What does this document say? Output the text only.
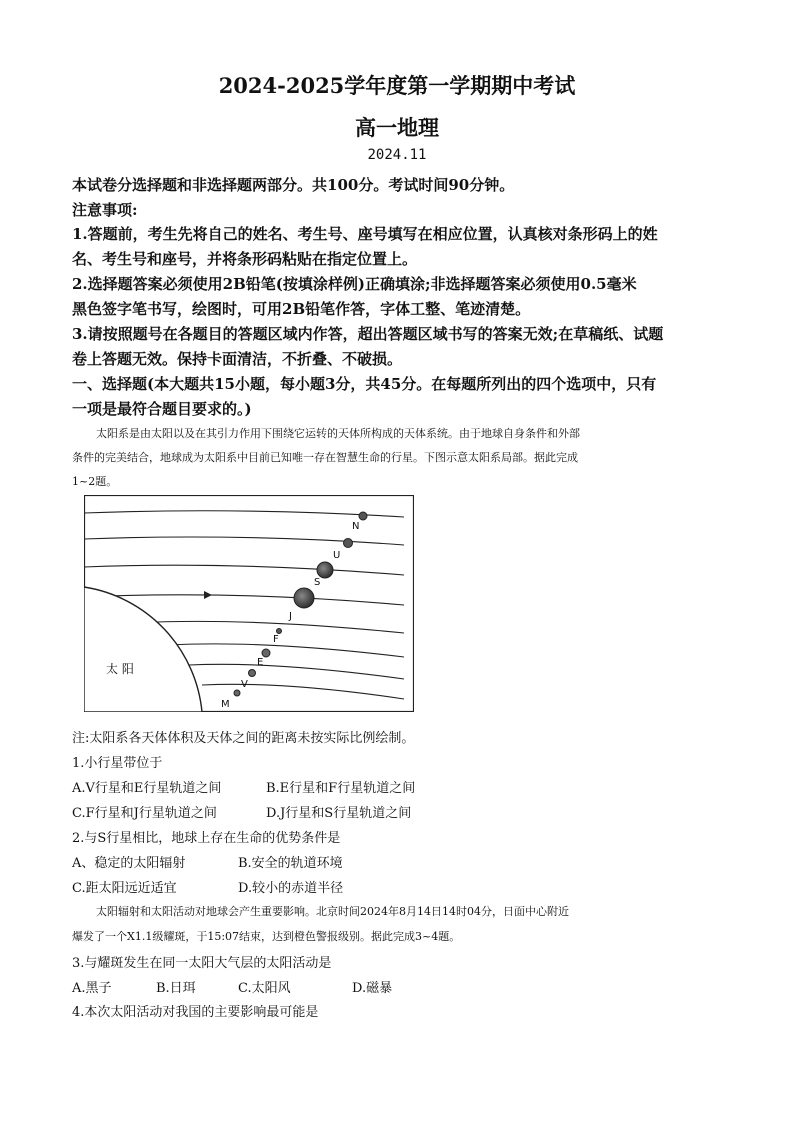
2024-2025学年度第一学期期中考试
高一地理
2024.11
本试卷分选择题和非选择题两部分。共100分。考试时间90分钟。
注意事项:
1.答题前，考生先将自己的姓名、考生号、座号填写在相应位置，认真核对条形码上的姓
名、考生号和座号，并将条形码粘贴在指定位置上。
2.选择题答案必须使用2B铅笔(按填涂样例)正确填涂;非选择题答案必须使用0.5毫米
黑色签字笔书写，绘图时，可用2B铅笔作答，字体工整、笔迹清楚。
3.请按照题号在各题目的答题区域内作答，超出答题区域书写的答案无效;在草稿纸、试题
卷上答题无效。保持卡面清洁，不折叠、不破损。
一、选择题(本大题共15小题，每小题3分，共45分。在每题所列出的四个选项中，只有
一项是最符合题目要求的。)
太阳系是由太阳以及在其引力作用下围绕它运转的天体所构成的天体系统。由于地球自身条件和外部
条件的完美结合，地球成为太阳系中目前已知唯一存在智慧生命的行星。下图示意太阳系局部。据此完成
1~2题。
太 阳
N
U
S
J
F
E
V
M
注:太阳系各天体体积及天体之间的距离未按实际比例绘制。
1.小行星带位于
A.V行星和E行星轨道之间	B.E行星和F行星轨道之间
C.F行星和J行星轨道之间	D.J行星和S行星轨道之间
2.与S行星相比，地球上存在生命的优势条件是
A、稳定的太阳辐射	B.安全的轨道环境
C.距太阳远近适宜	D.较小的赤道半径
太阳辐射和太阳活动对地球会产生重要影响。北京时间2024年8月14日14时04分，日面中心附近
爆发了一个X1.1级耀斑，于15:07结束，达到橙色警报级别。据此完成3~4题。
3.与耀斑发生在同一太阳大气层的太阳活动是
A.黑子	B.日珥	C.太阳风	D.磁暴
4.本次太阳活动对我国的主要影响最可能是
